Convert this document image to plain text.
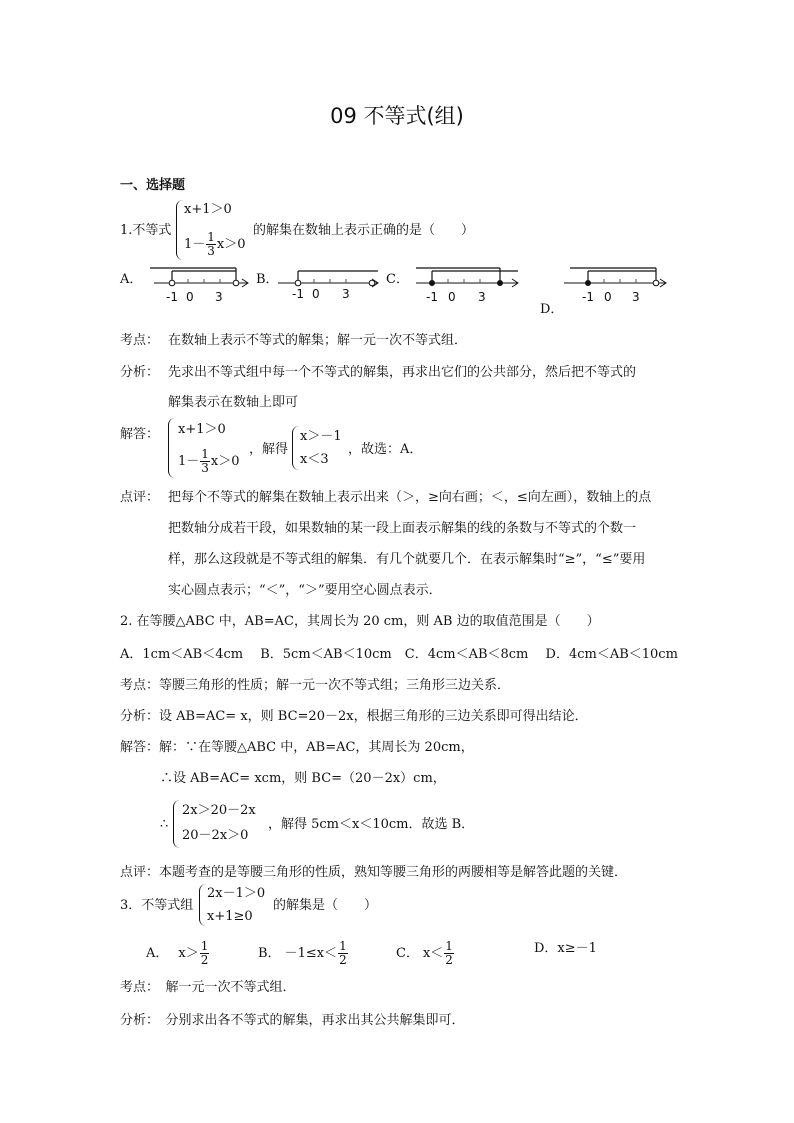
09 不等式(组)
一、选择题
1.不等式
x+1＞0
$1- \frac{1}{3} x>0$
的解集在数轴上表示正确的是（　　）
A．
-1 0 3
B．
-1 0 3
C．
-1 0 3	-1 0 3
D．
考点： 在数轴上表示不等式的解集；解一元一次不等式组．
分析： 先求出不等式组中每一个不等式的解集，再求出它们的公共部分，然后把不等式的
解集表示在数轴上即可
解答： x+1＞0
$1- \frac{1}{3} x>0$
，解得
x＞－1
x＜3
，故选：A．
点评： 把每个不等式的解集在数轴上表示出来（＞，≥向右画；＜，≤向左画），数轴上的点
把数轴分成若干段，如果数轴的某一段上面表示解集的线的条数与不等式的个数一
样，那么这段就是不等式组的解集．有几个就要几个．在表示解集时“≥”，“≤”要用
实心圆点表示；“＜”，“＞”要用空心圆点表示．
2. 在等腰△ABC 中，AB=AC，其周长为 20 cm，则 AB 边的取值范围是（　　）
A．1cm＜AB＜4cm　 B．5cm＜AB＜10cm　C．4cm＜AB＜8cm　 D．4cm＜AB＜10cm
考点：等腰三角形的性质；解一元一次不等式组；三角形三边关系．
分析：设 AB=AC= x，则 BC=20－2x，根据三角形的三边关系即可得出结论．
解答：解：∵在等腰△ABC 中，AB=AC，其周长为 20cm，
∴设 AB=AC= xcm，则 BC=（20－2x）cm，
∴
2x＞20－2x
20－2x＞0
，解得 5cm＜x＜10cm．故选 B．
点评：本题考查的是等腰三角形的性质，熟知等腰三角形的两腰相等是解答此题的关键．
3．不等式组
2x－1＞0
x+1≥0
的解集是（　　）
A． $x> \frac{1}{2}$	B． $-1\le x< \frac{1}{2}$	C． $x< \frac{1}{2}$	D．x≥－1
考点：　解一元一次不等式组．
分析：　分别求出各不等式的解集，再求出其公共解集即可．
